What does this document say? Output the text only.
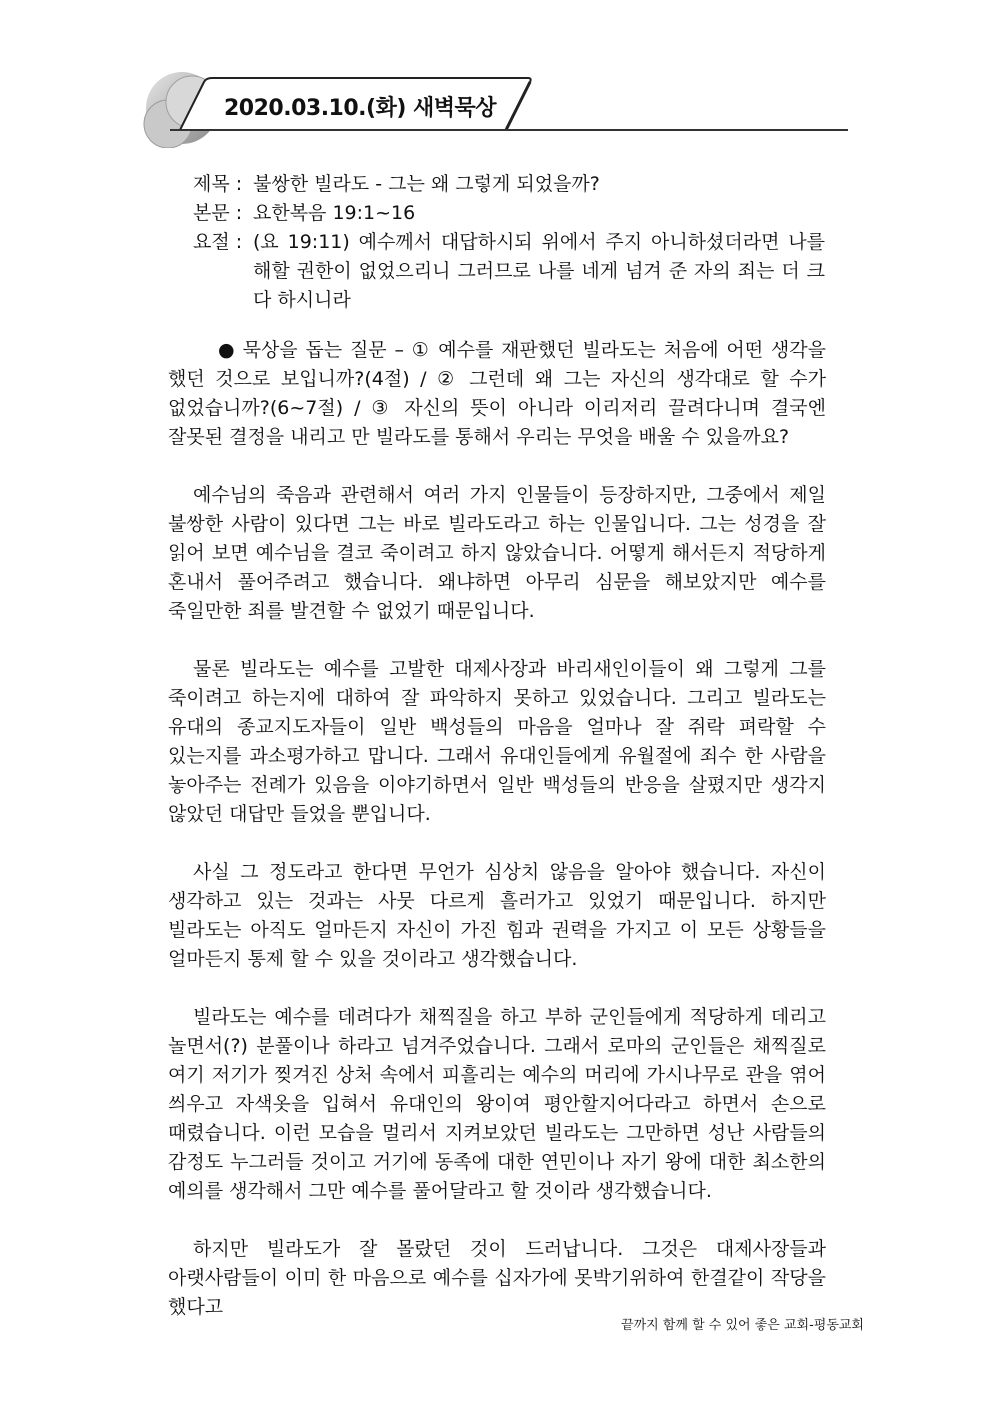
2020.03.10.(화) 새벽묵상
제목 : 불쌍한 빌라도 - 그는 왜 그렇게 되었을까?
본문 : 요한복음 19:1~16
요절 : (요 19:11) 예수께서 대답하시되 위에서 주지 아니하셨더라면 나를 해할 권한이 없었으리니 그러므로 나를 네게 넘겨 준 자의 죄는 더 크다 하시니라

● 묵상을 돕는 질문 – ① 예수를 재판했던 빌라도는 처음에 어떤 생각을 했던 것으로 보입니까?(4절) / ② 그런데 왜 그는 자신의 생각대로 할 수가 없었습니까?(6~7절) / ③ 자신의 뜻이 아니라 이리저리 끌려다니며 결국엔 잘못된 결정을 내리고 만 빌라도를 통해서 우리는 무엇을 배울 수 있을까요?

예수님의 죽음과 관련해서 여러 가지 인물들이 등장하지만, 그중에서 제일 불쌍한 사람이 있다면 그는 바로 빌라도라고 하는 인물입니다. 그는 성경을 잘 읽어 보면 예수님을 결코 죽이려고 하지 않았습니다. 어떻게 해서든지 적당하게 혼내서 풀어주려고 했습니다. 왜냐하면 아무리 심문을 해보았지만 예수를 죽일만한 죄를 발견할 수 없었기 때문입니다.

물론 빌라도는 예수를 고발한 대제사장과 바리새인이들이 왜 그렇게 그를 죽이려고 하는지에 대하여 잘 파악하지 못하고 있었습니다. 그리고 빌라도는 유대의 종교지도자들이 일반 백성들의 마음을 얼마나 잘 쥐락 펴락할 수 있는지를 과소평가하고 맙니다. 그래서 유대인들에게 유월절에 죄수 한 사람을 놓아주는 전례가 있음을 이야기하면서 일반 백성들의 반응을 살폈지만 생각지 않았던 대답만 들었을 뿐입니다.

사실 그 정도라고 한다면 무언가 심상치 않음을 알아야 했습니다. 자신이 생각하고 있는 것과는 사뭇 다르게 흘러가고 있었기 때문입니다. 하지만 빌라도는 아직도 얼마든지 자신이 가진 힘과 권력을 가지고 이 모든 상황들을 얼마든지 통제 할 수 있을 것이라고 생각했습니다.

빌라도는 예수를 데려다가 채찍질을 하고 부하 군인들에게 적당하게 데리고 놀면서(?) 분풀이나 하라고 넘겨주었습니다. 그래서 로마의 군인들은 채찍질로 여기 저기가 찢겨진 상처 속에서 피흘리는 예수의 머리에 가시나무로 관을 엮어 씌우고 자색옷을 입혀서 유대인의 왕이여 평안할지어다라고 하면서 손으로 때렸습니다. 이런 모습을 멀리서 지켜보았던 빌라도는 그만하면 성난 사람들의 감정도 누그러들 것이고 거기에 동족에 대한 연민이나 자기 왕에 대한 최소한의 예의를 생각해서 그만 예수를 풀어달라고 할 것이라 생각했습니다.

하지만 빌라도가 잘 몰랐던 것이 드러납니다. 그것은 대제사장들과 아랫사람들이 이미 한 마음으로 예수를 십자가에 못박기위하여 한결같이 작당을 했다고

끝까지 함께 할 수 있어 좋은 교회-평동교회
